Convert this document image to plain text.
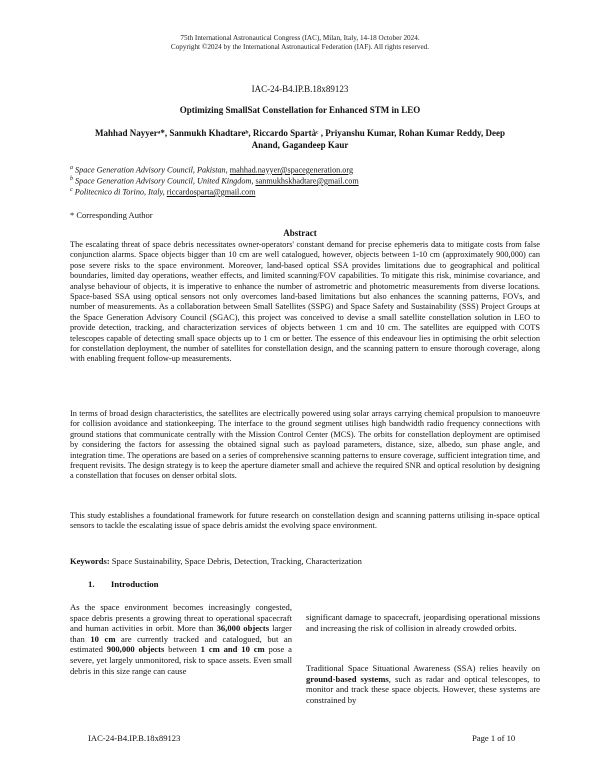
75th International Astronautical Congress (IAC), Milan, Italy, 14-18 October 2024.
Copyright ©2024 by the International Astronautical Federation (IAF). All rights reserved.
IAC-24-B4.IP.B.18x89123
Optimizing SmallSat Constellation for Enhanced STM in LEO
Mahhad Nayyerᵃ*, Sanmukh Khadtareᵇ, Riccardo Spartàᶜ , Priyanshu Kumar, Rohan Kumar Reddy, Deep Anand, Gagandeep Kaur
$^a$ Space Generation Advisory Council, Pakistan, mahhad.nayyer@spacegeneration.org
$^b$ Space Generation Advisory Council, United Kingdom, sanmukhskhadtare@gmail.com
$^c$ Politecnico di Torino, Italy, riccardosparta@gmail.com
* Corresponding Author
Abstract
The escalating threat of space debris necessitates owner-operators' constant demand for precise ephemeris data to mitigate costs from false conjunction alarms. Space objects bigger than 10 cm are well catalogued, however, objects between 1-10 cm (approximately 900,000) can pose severe risks to the space environment. Moreover, land-based optical SSA provides limitations due to geographical and political boundaries, limited day operations, weather effects, and limited scanning/FOV capabilities. To mitigate this risk, minimise covariance, and analyse behaviour of objects, it is imperative to enhance the number of astrometric and photometric measurements from diverse locations. Space-based SSA using optical sensors not only overcomes land-based limitations but also enhances the scanning patterns, FOVs, and number of measurements. As a collaboration between Small Satellites (SSPG) and Space Safety and Sustainability (SSS) Project Groups at the Space Generation Advisory Council (SGAC), this project was conceived to devise a small satellite constellation solution in LEO to provide detection, tracking, and characterization services of objects between 1 cm and 10 cm. The satellites are equipped with COTS telescopes capable of detecting small space objects up to 1 cm or better. The essence of this endeavour lies in optimising the orbit selection for constellation deployment, the number of satellites for constellation design, and the scanning pattern to ensure thorough coverage, along with enabling frequent follow-up measurements.
In terms of broad design characteristics, the satellites are electrically powered using solar arrays carrying chemical propulsion to manoeuvre for collision avoidance and stationkeeping. The interface to the ground segment utilises high bandwidth radio frequency connections with ground stations that communicate centrally with the Mission Control Center (MCS). The orbits for constellation deployment are optimised by considering the factors for assessing the obtained signal such as payload parameters, distance, size, albedo, sun phase angle, and integration time. The operations are based on a series of comprehensive scanning patterns to ensure coverage, sufficient integration time, and frequent revisits. The design strategy is to keep the aperture diameter small and achieve the required SNR and optical resolution by designing a constellation that focuses on denser orbital slots.
This study establishes a foundational framework for future research on constellation design and scanning patterns utilising in-space optical sensors to tackle the escalating issue of space debris amidst the evolving space environment.
Keywords: Space Sustainability, Space Debris, Detection, Tracking, Characterization
1. Introduction
As the space environment becomes increasingly congested, space debris presents a growing threat to operational spacecraft and human activities in orbit. More than 36,000 objects larger than 10 cm are currently tracked and catalogued, but an estimated 900,000 objects between 1 cm and 10 cm pose a severe, yet largely unmonitored, risk to space assets. Even small debris in this size range can cause
significant damage to spacecraft, jeopardising operational missions and increasing the risk of collision in already crowded orbits.
Traditional Space Situational Awareness (SSA) relies heavily on ground-based systems, such as radar and optical telescopes, to monitor and track these space objects. However, these systems are constrained by
IAC-24-B4.IP.B.18x89123	Page 1 of 10
